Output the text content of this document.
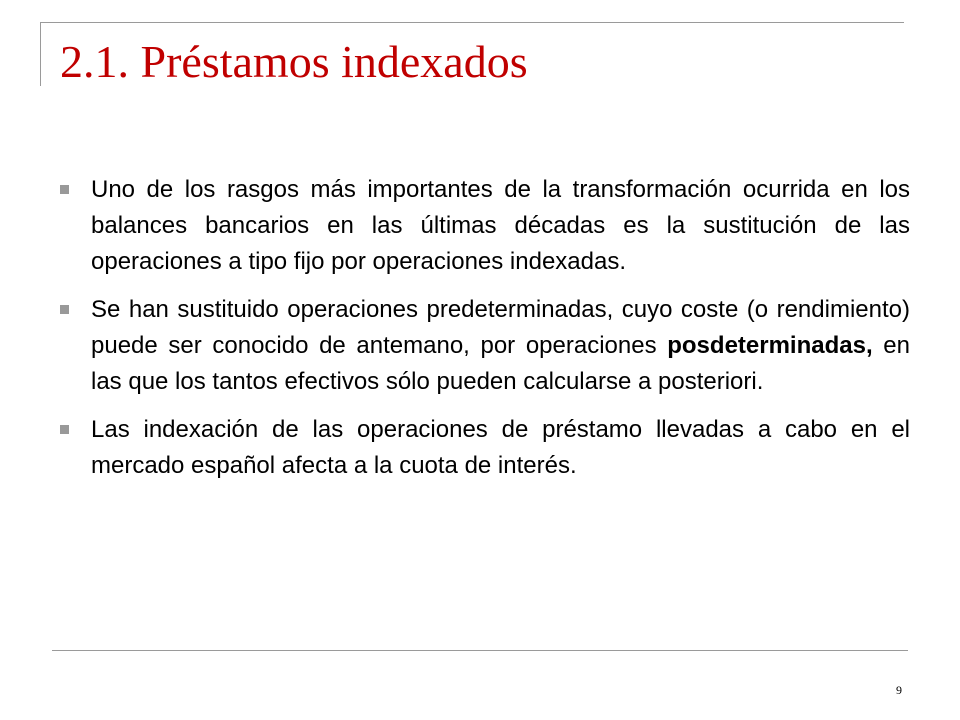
2.1. Préstamos indexados
Uno de los rasgos más importantes de la transformación ocurrida en los balances bancarios en las últimas décadas es la sustitución de las operaciones a tipo fijo por operaciones indexadas.
Se han sustituido operaciones predeterminadas, cuyo coste (o rendimiento) puede ser conocido de antemano, por operaciones posdeterminadas, en las que los tantos efectivos sólo pueden calcularse a posteriori.
Las indexación de las operaciones de préstamo llevadas a cabo en el mercado español afecta a la cuota de interés.
9
